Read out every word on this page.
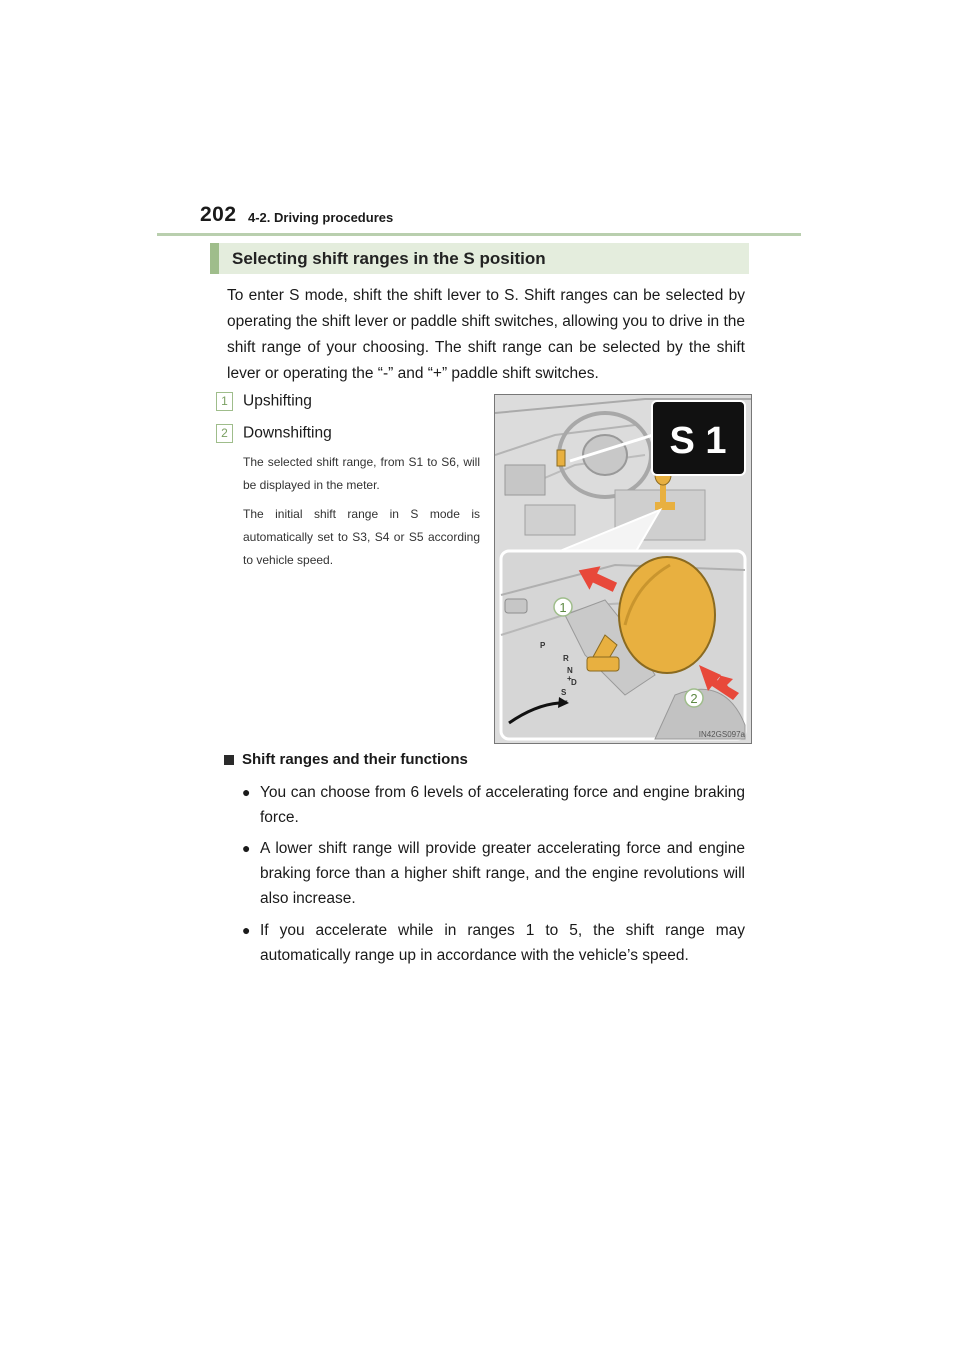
202 4-2. Driving procedures
Selecting shift ranges in the S position
To enter S mode, shift the shift lever to S. Shift ranges can be selected by operating the shift lever or paddle shift switches, allowing you to drive in the shift range of your choosing. The shift range can be selected by the shift lever or operating the “-” and “+” paddle shift switches.
1 Upshifting
2 Downshifting
The selected shift range, from S1 to S6, will be displayed in the meter.
The initial shift range in S mode is automatically set to S3, S4 or S5 according to vehicle speed.
S 1
P
R
N
D
S
+
-
1
2
IN42GS097a
Shift ranges and their functions
● You can choose from 6 levels of accelerating force and engine braking force.
● A lower shift range will provide greater accelerating force and engine braking force than a higher shift range, and the engine revolutions will also increase.
● If you accelerate while in ranges 1 to 5, the shift range may automatically range up in accordance with the vehicle’s speed.
